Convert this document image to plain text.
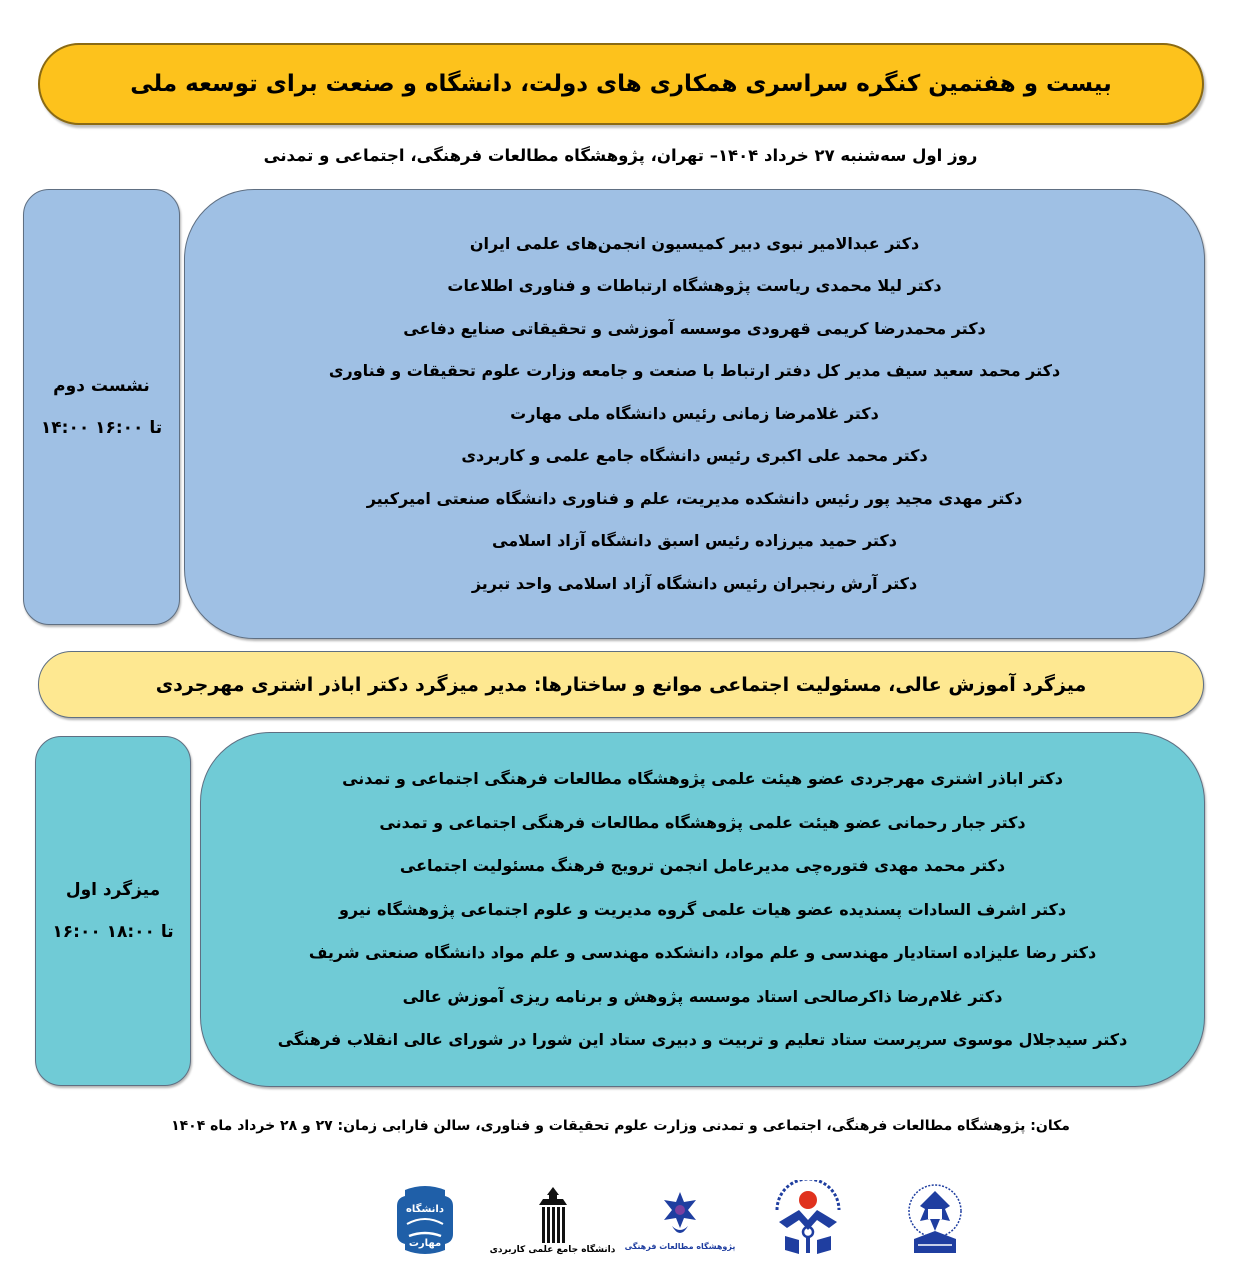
بیست و هفتمین کنگره سراسری همکاری های دولت، دانشگاه و صنعت برای توسعه ملی
روز اول سه‌شنبه ۲۷ خرداد ۱۴۰۴– تهران، پژوهشگاه مطالعات فرهنگی، اجتماعی و تمدنی
دکتر عبدالامیر نبوی دبیر کمیسیون انجمن‌های علمی ایران
دکتر لیلا محمدی ریاست پژوهشگاه ارتباطات و فناوری اطلاعات
دکتر محمدرضا کریمی قهرودی موسسه آموزشی و تحقیقاتی صنایع دفاعی
دکتر محمد سعید سیف مدیر کل دفتر ارتباط با صنعت و جامعه وزارت علوم تحقیقات و فناوری
دکتر غلامرضا زمانی رئیس دانشگاه ملی مهارت
دکتر محمد علی اکبری رئیس دانشگاه جامع علمی و کاربردی
دکتر مهدی مجید پور رئیس دانشکده مدیریت، علم و فناوری دانشگاه صنعتی امیرکبیر
دکتر حمید میرزاده رئیس اسبق دانشگاه آزاد اسلامی
دکتر آرش رنجبران رئیس دانشگاه آزاد اسلامی واحد تبریز
نشست دوم
۱۴:۰۰ تا ۱۶:۰۰
میزگرد آموزش عالی، مسئولیت اجتماعی موانع و ساختارها: مدیر میزگرد دکتر اباذر اشتری مهرجردی
دکتر اباذر اشتری مهرجردی عضو هیئت علمی پژوهشگاه مطالعات فرهنگی اجتماعی و تمدنی
دکتر جبار رحمانی عضو هیئت علمی پژوهشگاه مطالعات فرهنگی اجتماعی و تمدنی
دکتر محمد مهدی فتوره‌چی مدیرعامل انجمن ترویج فرهنگ مسئولیت اجتماعی
دکتر اشرف السادات پسندیده عضو هیات علمی گروه مدیریت و علوم اجتماعی پژوهشگاه نیرو
دکتر رضا علیزاده استادیار مهندسی و علم مواد، دانشکده مهندسی و علم مواد دانشگاه صنعتی شریف
دکتر غلام‌رضا ذاکرصالحی استاد موسسه پژوهش و برنامه ریزی آموزش عالی
دکتر سیدجلال موسوی سرپرست ستاد تعلیم و تربیت و دبیری ستاد این شورا در شورای عالی انقلاب فرهنگی
میزگرد اول
۱۶:۰۰ تا ۱۸:۰۰
مکان: پژوهشگاه مطالعات فرهنگی، اجتماعی و تمدنی وزارت علوم تحقیقات و فناوری، سالن فارابی زمان: ۲۷ و ۲۸ خرداد ماه ۱۴۰۴
پژوهشگاه مطالعات فرهنگی
دانشگاه جامع علمی کاربردی
دانشگاه
مهارت
